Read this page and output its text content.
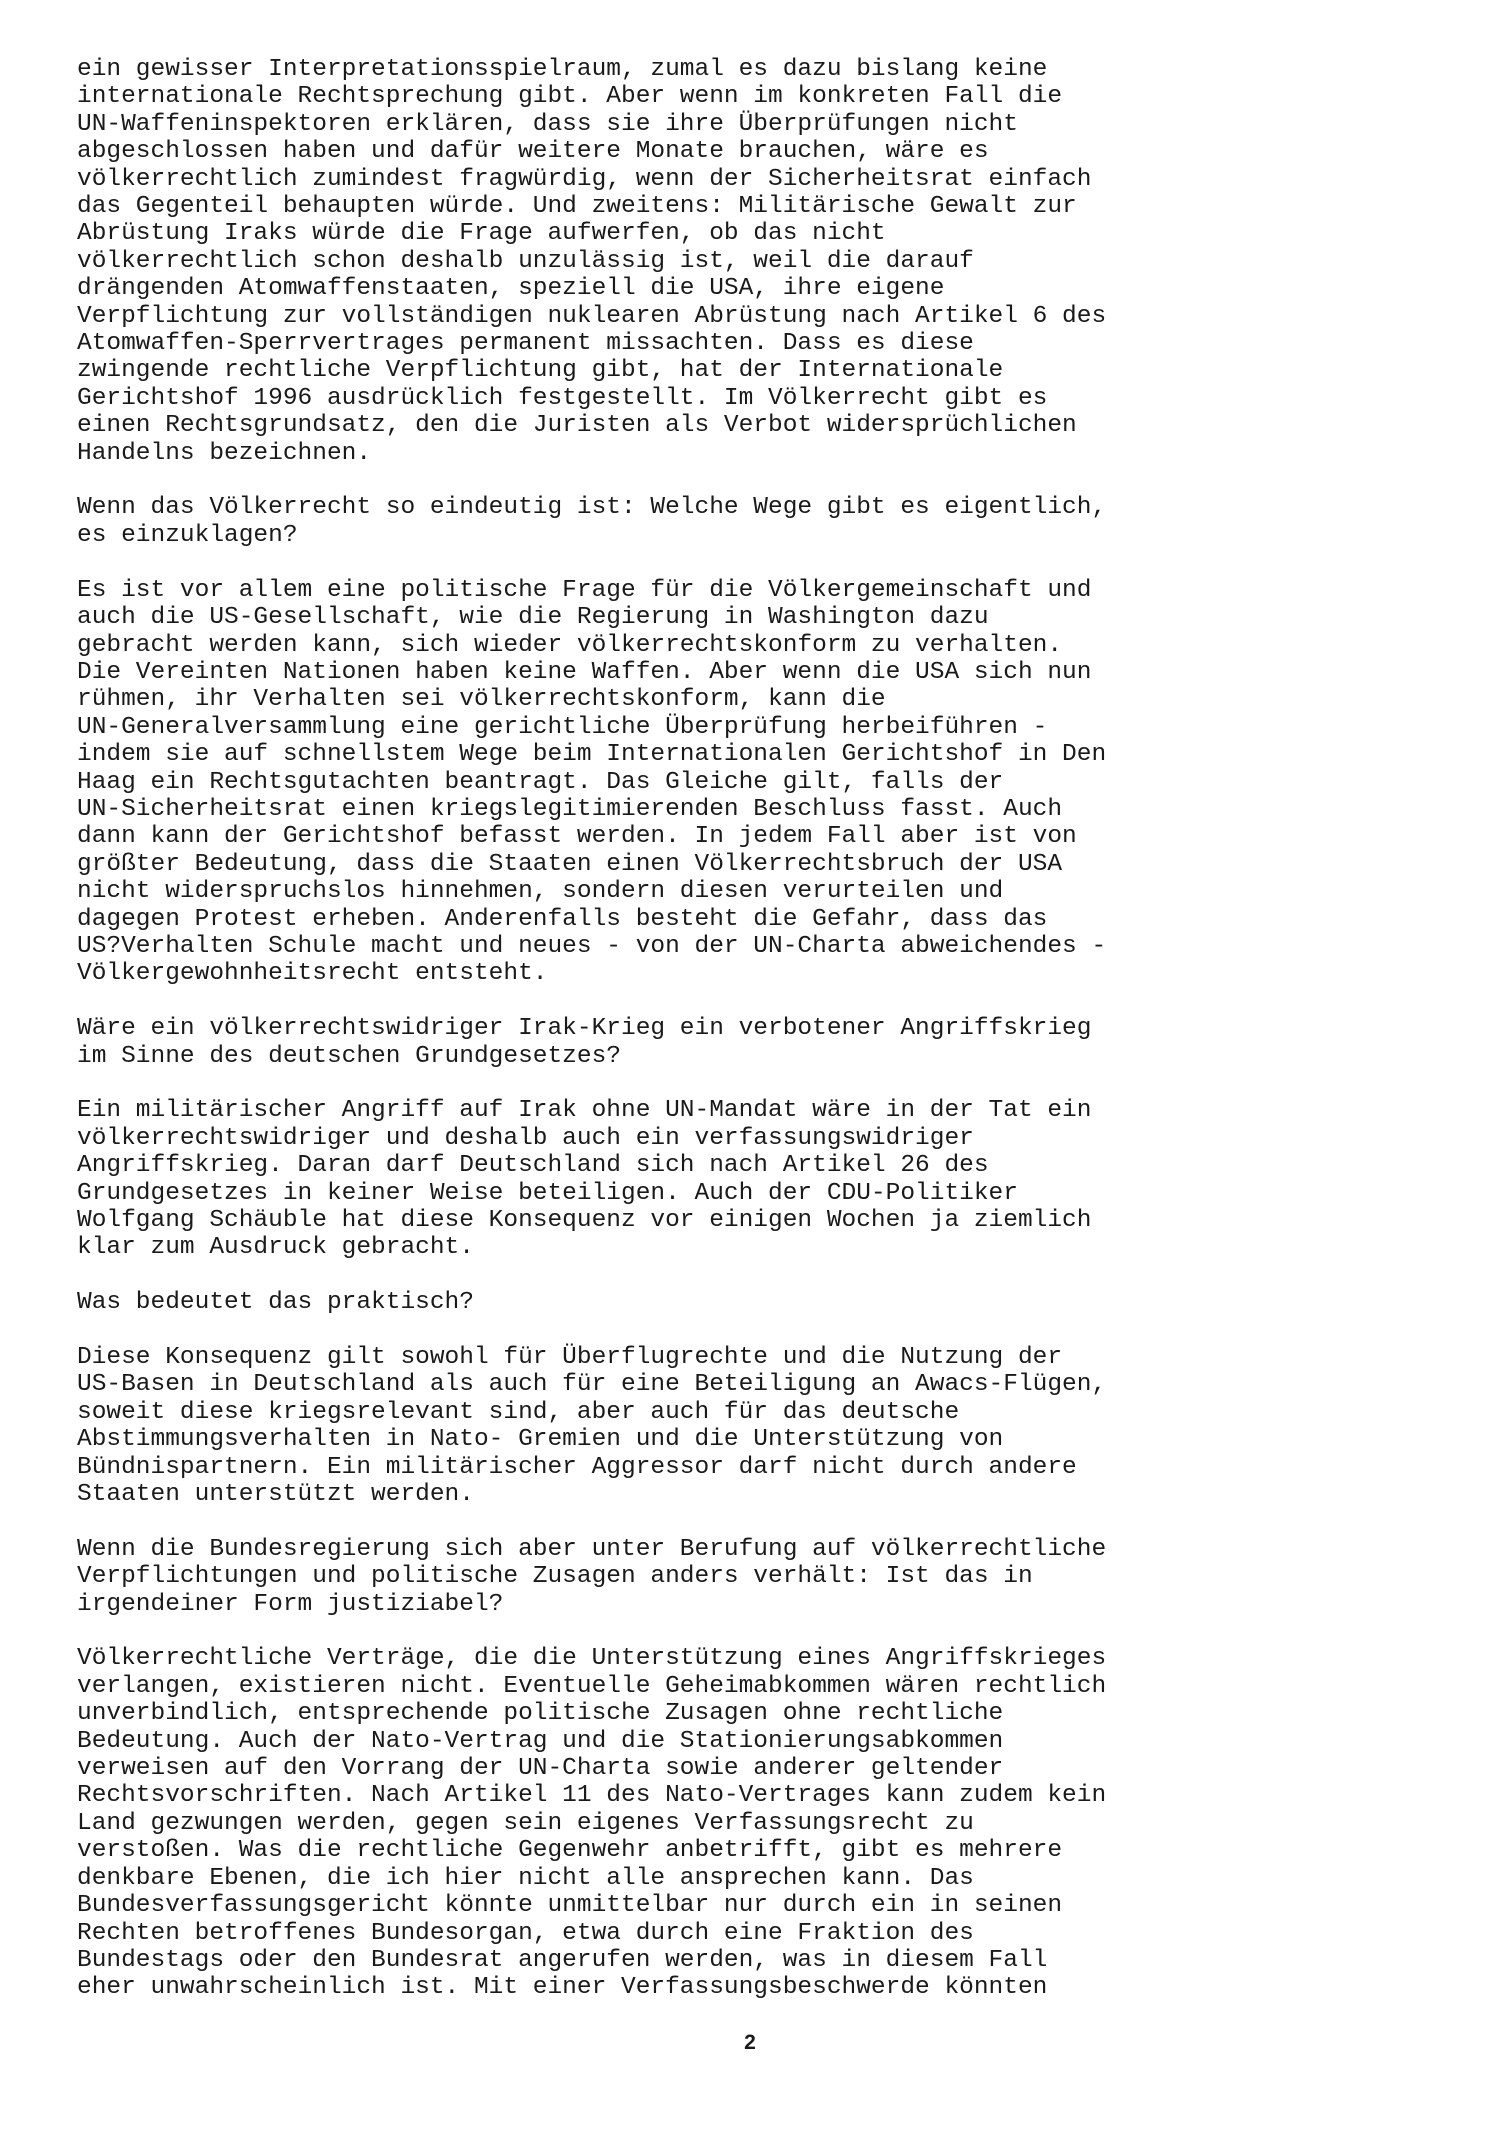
ein gewisser Interpretationsspielraum, zumal es dazu bislang keine
internationale Rechtsprechung gibt. Aber wenn im konkreten Fall die
UN-Waffeninspektoren erklären, dass sie ihre Überprüfungen nicht
abgeschlossen haben und dafür weitere Monate brauchen, wäre es
völkerrechtlich zumindest fragwürdig, wenn der Sicherheitsrat einfach
das Gegenteil behaupten würde. Und zweitens: Militärische Gewalt zur
Abrüstung Iraks würde die Frage aufwerfen, ob das nicht
völkerrechtlich schon deshalb unzulässig ist, weil die darauf
drängenden Atomwaffenstaaten, speziell die USA, ihre eigene
Verpflichtung zur vollständigen nuklearen Abrüstung nach Artikel 6 des
Atomwaffen-Sperrvertrages permanent missachten. Dass es diese
zwingende rechtliche Verpflichtung gibt, hat der Internationale
Gerichtshof 1996 ausdrücklich festgestellt. Im Völkerrecht gibt es
einen Rechtsgrundsatz, den die Juristen als Verbot widersprüchlichen
Handelns bezeichnen.
Wenn das Völkerrecht so eindeutig ist: Welche Wege gibt es eigentlich,
es einzuklagen?
Es ist vor allem eine politische Frage für die Völkergemeinschaft und
auch die US-Gesellschaft, wie die Regierung in Washington dazu
gebracht werden kann, sich wieder völkerrechtskonform zu verhalten.
Die Vereinten Nationen haben keine Waffen. Aber wenn die USA sich nun
rühmen, ihr Verhalten sei völkerrechtskonform, kann die
UN-Generalversammlung eine gerichtliche Überprüfung herbeiführen -
indem sie auf schnellstem Wege beim Internationalen Gerichtshof in Den
Haag ein Rechtsgutachten beantragt. Das Gleiche gilt, falls der
UN-Sicherheitsrat einen kriegslegitimierenden Beschluss fasst. Auch
dann kann der Gerichtshof befasst werden. In jedem Fall aber ist von
größter Bedeutung, dass die Staaten einen Völkerrechtsbruch der USA
nicht widerspruchslos hinnehmen, sondern diesen verurteilen und
dagegen Protest erheben. Anderenfalls besteht die Gefahr, dass das
US?Verhalten Schule macht und neues - von der UN-Charta abweichendes -
Völkergewohnheitsrecht entsteht.
Wäre ein völkerrechtswidriger Irak-Krieg ein verbotener Angriffskrieg
im Sinne des deutschen Grundgesetzes?
Ein militärischer Angriff auf Irak ohne UN-Mandat wäre in der Tat ein
völkerrechtswidriger und deshalb auch ein verfassungswidriger
Angriffskrieg. Daran darf Deutschland sich nach Artikel 26 des
Grundgesetzes in keiner Weise beteiligen. Auch der CDU-Politiker
Wolfgang Schäuble hat diese Konsequenz vor einigen Wochen ja ziemlich
klar zum Ausdruck gebracht.
Was bedeutet das praktisch?
Diese Konsequenz gilt sowohl für Überflugrechte und die Nutzung der
US-Basen in Deutschland als auch für eine Beteiligung an Awacs-Flügen,
soweit diese kriegsrelevant sind, aber auch für das deutsche
Abstimmungsverhalten in Nato- Gremien und die Unterstützung von
Bündnispartnern. Ein militärischer Aggressor darf nicht durch andere
Staaten unterstützt werden.
Wenn die Bundesregierung sich aber unter Berufung auf völkerrechtliche
Verpflichtungen und politische Zusagen anders verhält: Ist das in
irgendeiner Form justiziabel?
Völkerrechtliche Verträge, die die Unterstützung eines Angriffskrieges
verlangen, existieren nicht. Eventuelle Geheimabkommen wären rechtlich
unverbindlich, entsprechende politische Zusagen ohne rechtliche
Bedeutung. Auch der Nato-Vertrag und die Stationierungsabkommen
verweisen auf den Vorrang der UN-Charta sowie anderer geltender
Rechtsvorschriften. Nach Artikel 11 des Nato-Vertrages kann zudem kein
Land gezwungen werden, gegen sein eigenes Verfassungsrecht zu
verstoßen. Was die rechtliche Gegenwehr anbetrifft, gibt es mehrere
denkbare Ebenen, die ich hier nicht alle ansprechen kann. Das
Bundesverfassungsgericht könnte unmittelbar nur durch ein in seinen
Rechten betroffenes Bundesorgan, etwa durch eine Fraktion des
Bundestags oder den Bundesrat angerufen werden, was in diesem Fall
eher unwahrscheinlich ist. Mit einer Verfassungsbeschwerde könnten
2
